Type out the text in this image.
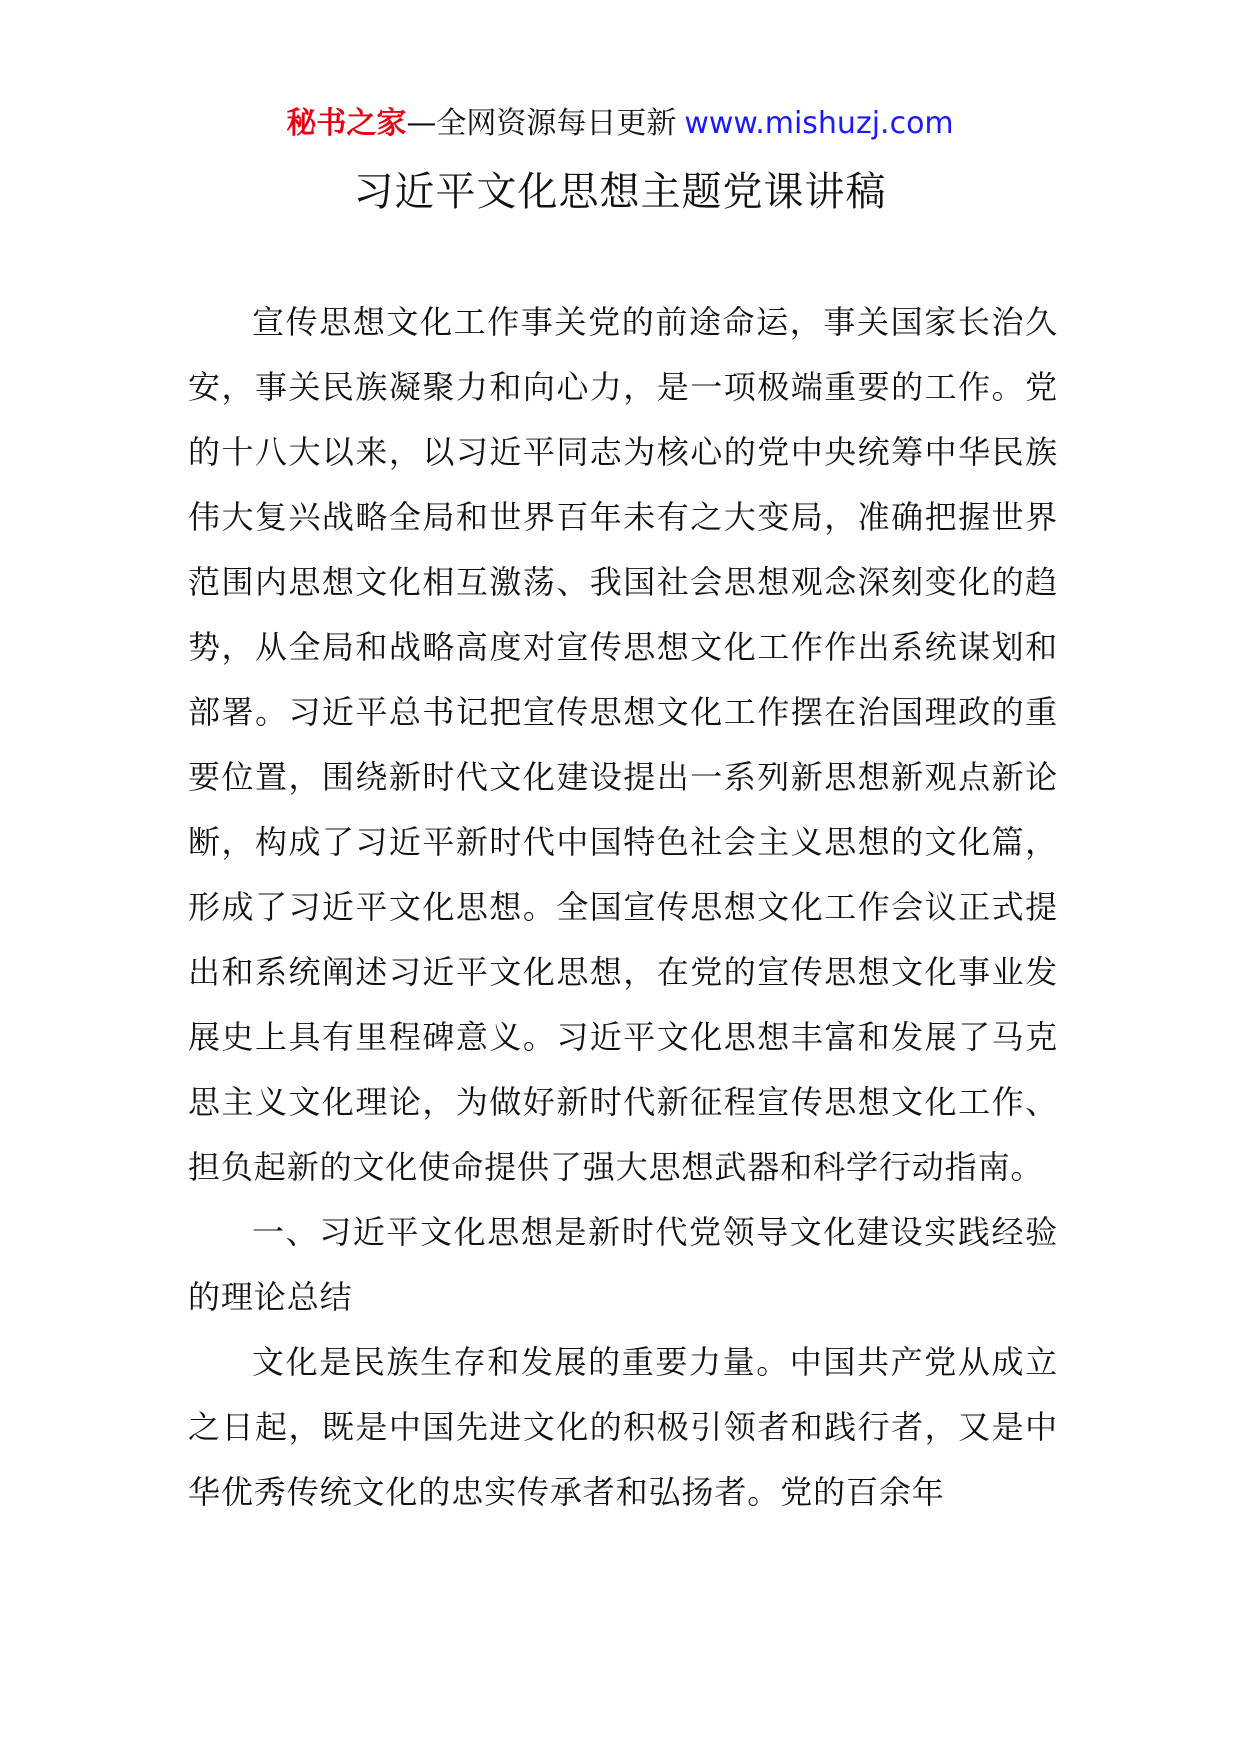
秘书之家—全网资源每日更新 www.mishuzj.com
习近平文化思想主题党课讲稿

宣传思想文化工作事关党的前途命运，事关国家长治久安，事关民族凝聚力和向心力，是一项极端重要的工作。党的十八大以来，以习近平同志为核心的党中央统筹中华民族伟大复兴战略全局和世界百年未有之大变局，准确把握世界范围内思想文化相互激荡、我国社会思想观念深刻变化的趋势，从全局和战略高度对宣传思想文化工作作出系统谋划和部署。习近平总书记把宣传思想文化工作摆在治国理政的重要位置，围绕新时代文化建设提出一系列新思想新观点新论断，构成了习近平新时代中国特色社会主义思想的文化篇，形成了习近平文化思想。全国宣传思想文化工作会议正式提出和系统阐述习近平文化思想，在党的宣传思想文化事业发展史上具有里程碑意义。习近平文化思想丰富和发展了马克思主义文化理论，为做好新时代新征程宣传思想文化工作、担负起新的文化使命提供了强大思想武器和科学行动指南。

一、习近平文化思想是新时代党领导文化建设实践经验的理论总结

文化是民族生存和发展的重要力量。中国共产党从成立之日起，既是中国先进文化的积极引领者和践行者，又是中华优秀传统文化的忠实传承者和弘扬者。党的百余年
